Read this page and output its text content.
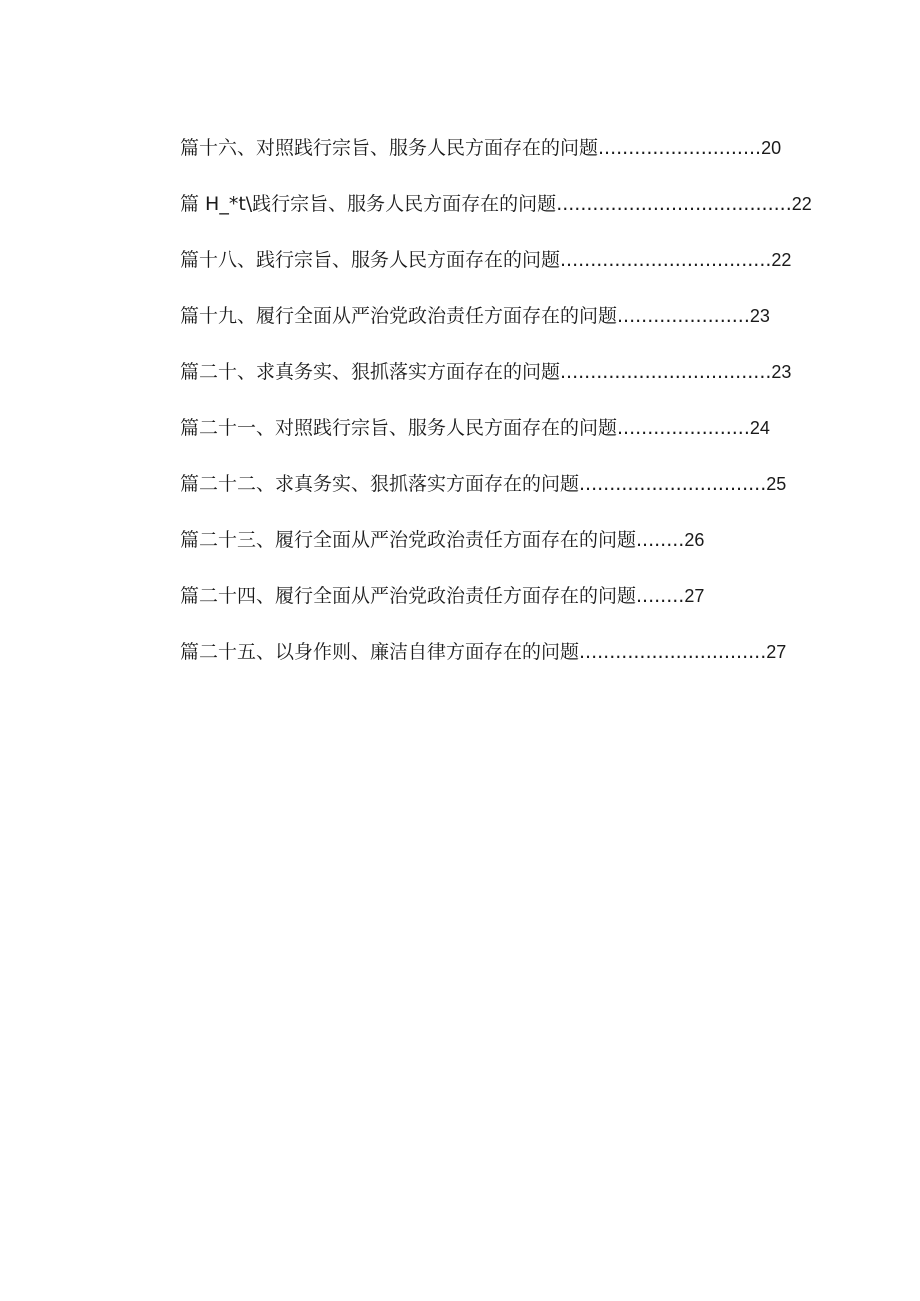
篇十六、对照践行宗旨、服务人民方面存在的问题...........................20
篇 H_*t\践行宗旨、服务人民方面存在的问题.......................................22
篇十八、践行宗旨、服务人民方面存在的问题...................................22
篇十九、履行全面从严治党政治责任方面存在的问题......................23
篇二十、求真务实、狠抓落实方面存在的问题...................................23
篇二十一、对照践行宗旨、服务人民方面存在的问题......................24
篇二十二、求真务实、狠抓落实方面存在的问题...............................25
篇二十三、履行全面从严治党政治责任方面存在的问题........26
篇二十四、履行全面从严治党政治责任方面存在的问题........27
篇二十五、以身作则、廉洁自律方面存在的问题...............................27
